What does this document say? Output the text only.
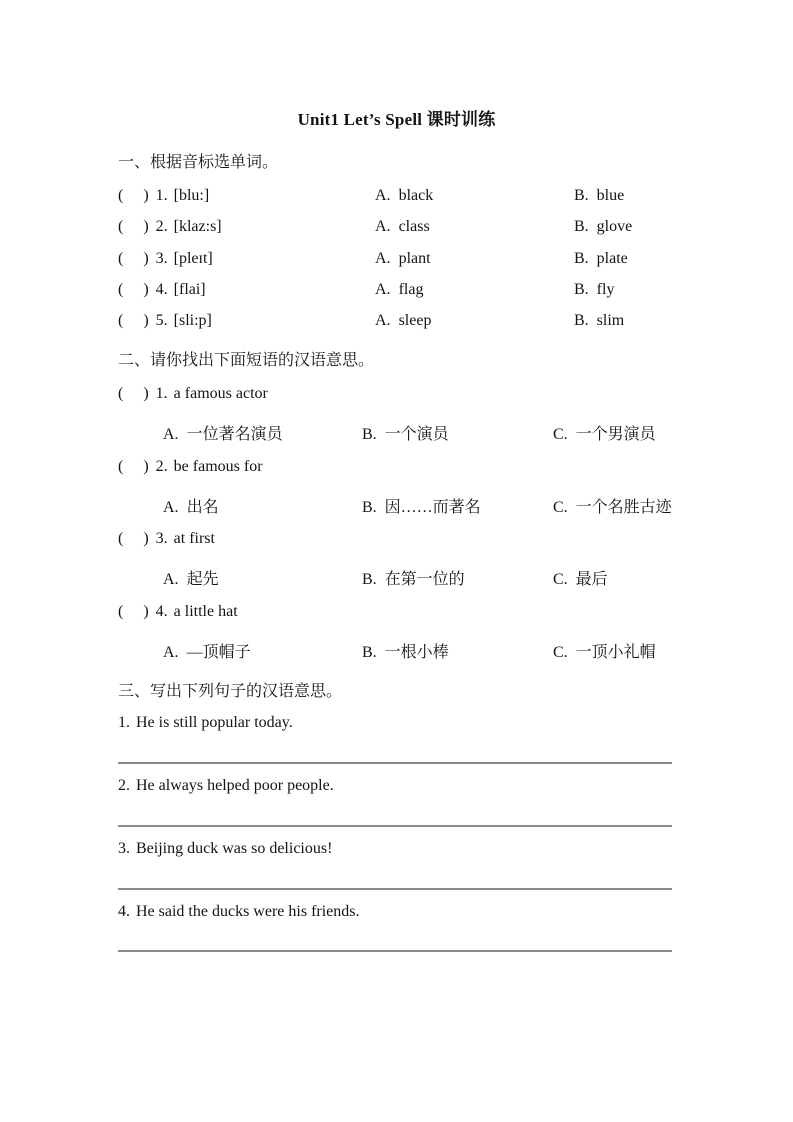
Unit1 Let’s Spell 课时训练

一、根据音标选单词。

(     ) 1. [blu:]

	A. black

	B. blue

(     ) 2. [klaz:s]

	A. class

	B. glove

(     ) 3. [pleɪt]

	A. plant

	B. plate

(     ) 4. [flai]

	A. flag

	B. fly

(     ) 5. [sli:p]

	A. sleep

	B. slim

二、请你找出下面短语的汉语意思。

(     ) 1. a famous actor

A. 一位著名演员

	B. 一个演员

	C. 一个男演员

(     ) 2. be famous for

A. 出名

	B. 因……而著名

	C. 一个名胜古迹

(     ) 3. at first

A. 起先

	B. 在第一位的

	C. 最后

(     ) 4. a little hat

A. —顶帽子

	B. 一根小棒

	C. 一顶小礼帽

三、写出下列句子的汉语意思。

1. He is still popular today.

2. He always helped poor people.

3. Beijing duck was so delicious!

4. He said the ducks were his friends.
